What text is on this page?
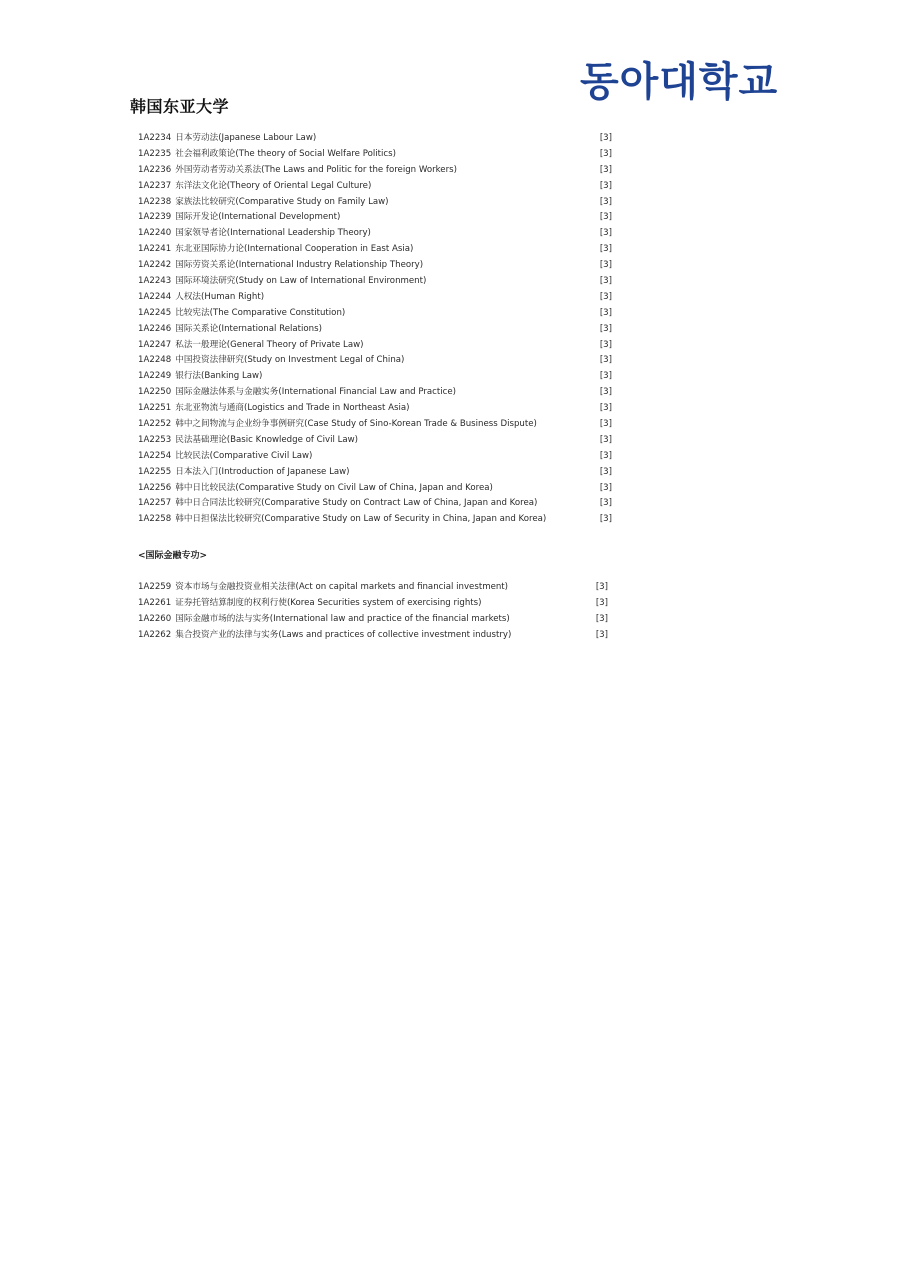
韩国东亚大学
동아대학교
1A2234 日本劳动法(Japanese Labour Law)	[3]
1A2235 社会福利政策论(The theory of Social Welfare Politics)	[3]
1A2236 外国劳动者劳动关系法(The Laws and Politic for the foreign Workers)	[3]
1A2237 东洋法文化论(Theory of Oriental Legal Culture)	[3]
1A2238 家族法比较研究(Comparative Study on Family Law)	[3]
1A2239 国际开发论(International Development)	[3]
1A2240 国家领导者论(International Leadership Theory)	[3]
1A2241 东北亚国际协力论(International Cooperation in East Asia)	[3]
1A2242 国际劳资关系论(International Industry Relationship Theory)	[3]
1A2243 国际环境法研究(Study on Law of International Environment)	[3]
1A2244 人权法(Human Right)	[3]
1A2245 比较宪法(The Comparative Constitution)	[3]
1A2246 国际关系论(International Relations)	[3]
1A2247 私法一般理论(General Theory of Private Law)	[3]
1A2248 中国投资法律研究(Study on Investment Legal of China)	[3]
1A2249 银行法(Banking Law)	[3]
1A2250 国际金融法体系与金融实务(International Financial Law and Practice)	[3]
1A2251 东北亚物流与通商(Logistics and Trade in Northeast Asia)	[3]
1A2252 韩中之间物流与企业纷争事例研究(Case Study of Sino-Korean Trade & Business Dispute)	[3]
1A2253 民法基础理论(Basic Knowledge of Civil Law)	[3]
1A2254 比较民法(Comparative Civil Law)	[3]
1A2255 日本法入门(Introduction of Japanese Law)	[3]
1A2256 韩中日比较民法(Comparative Study on Civil Law of China, Japan and Korea)	[3]
1A2257 韩中日合同法比较研究(Comparative Study on Contract Law of China, Japan and Korea)	[3]
1A2258 韩中日担保法比较研究(Comparative Study on Law of Security in China, Japan and Korea)	[3]
<国际金融专功>
1A2259 资本市场与金融投资业相关法律(Act on capital markets and financial investment)	[3]
1A2261 证券托管结算制度的权利行使(Korea Securities system of exercising rights)	[3]
1A2260 国际金融市场的法与实务(International law and practice of the financial markets)	[3]
1A2262 集合投资产业的法律与实务(Laws and practices of collective investment industry)	[3]
